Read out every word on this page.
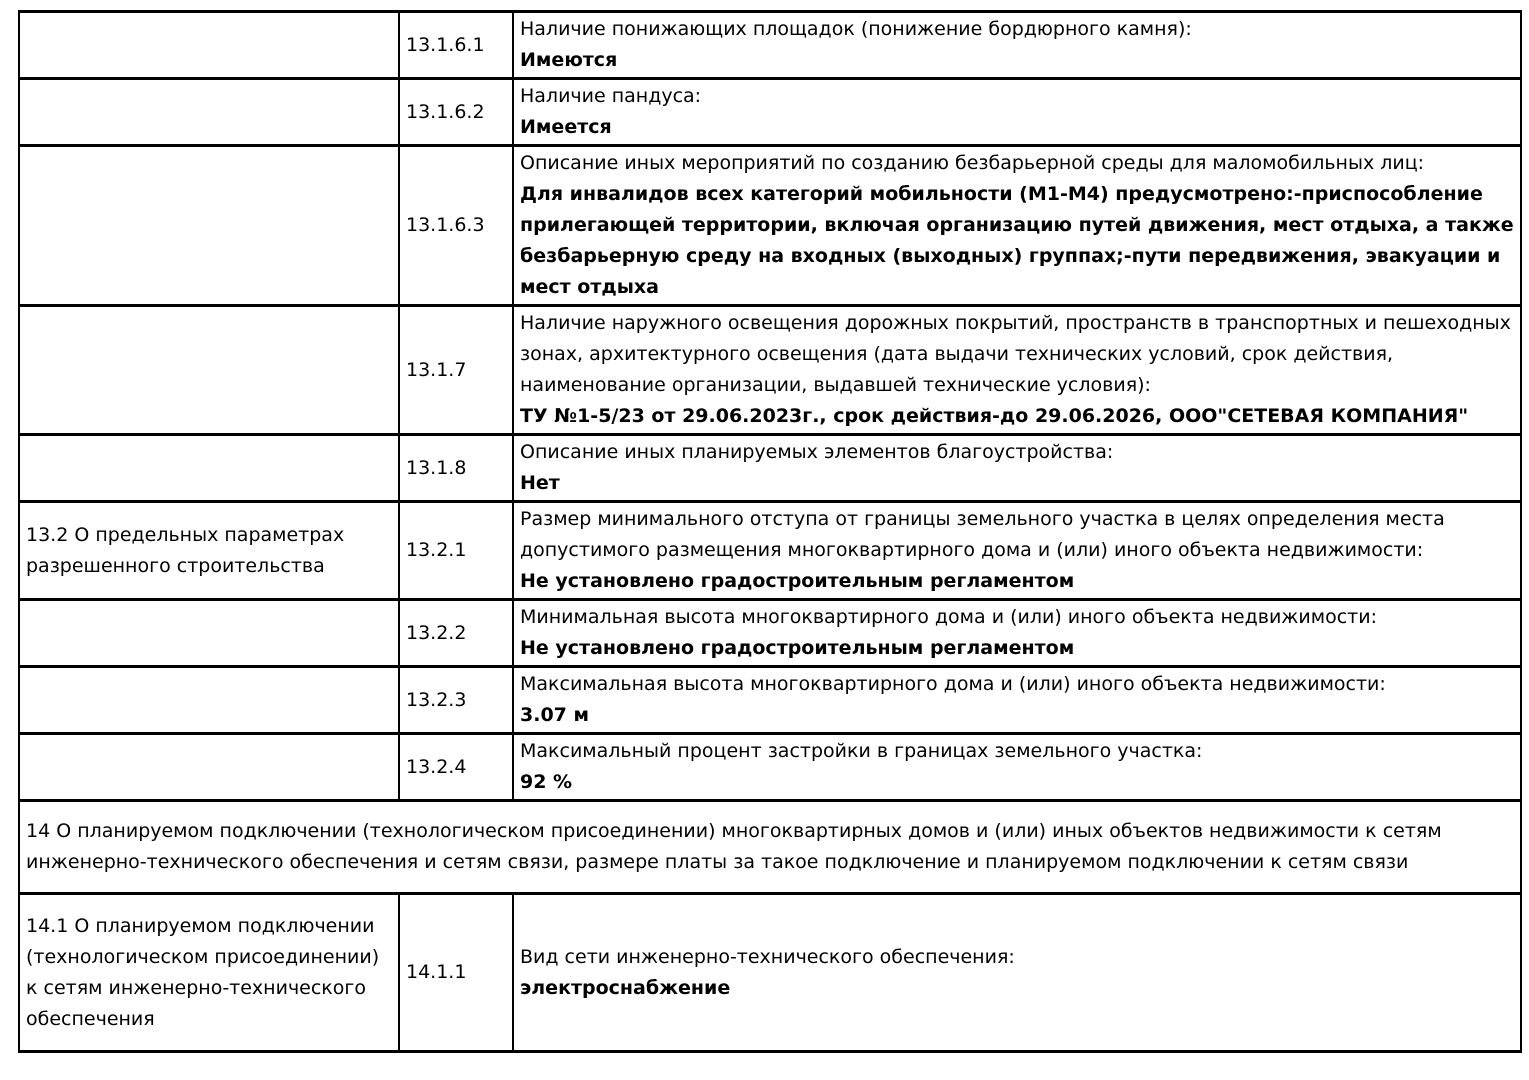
	13.1.6.1	Наличие понижающих площадок (понижение бордюрного камня):
Имеются

	13.1.6.2	Наличие пандуса:
Имеется

	13.1.6.3	Описание иных мероприятий по созданию безбарьерной среды для маломобильных лиц:
Для инвалидов всех категорий мобильности (М1-М4) предусмотрено:-приспособление прилегающей территории, включая организацию путей движения, мест отдыха, а также безбарьерную среду на входных (выходных) группах;-пути передвижения, эвакуации и мест отдыха

	13.1.7	Наличие наружного освещения дорожных покрытий, пространств в транспортных и пешеходных зонах, архитектурного освещения (дата выдачи технических условий, срок действия, наименование организации, выдавшей технические условия):
ТУ №1-5/23 от 29.06.2023г., срок действия-до 29.06.2026, ООО"СЕТЕВАЯ КОМПАНИЯ"

	13.1.8	Описание иных планируемых элементов благоустройства:
Нет

13.2 О предельных параметрах разрешенного строительства	13.2.1	Размер минимального отступа от границы земельного участка в целях определения места допустимого размещения многоквартирного дома и (или) иного объекта недвижимости:
Не установлено градостроительным регламентом

	13.2.2	Минимальная высота многоквартирного дома и (или) иного объекта недвижимости:
Не установлено градостроительным регламентом

	13.2.3	Максимальная высота многоквартирного дома и (или) иного объекта недвижимости:
3.07 м

	13.2.4	Максимальный процент застройки в границах земельного участка:
92 %

14 О планируемом подключении (технологическом присоединении) многоквартирных домов и (или) иных объектов недвижимости к сетям инженерно-технического обеспечения и сетям связи, размере платы за такое подключение и планируемом подключении к сетям связи		
14.1 О планируемом подключении (технологическом присоединении) к сетям инженерно-технического обеспечения	14.1.1	Вид сети инженерно-технического обеспечения:
электроснабжение
